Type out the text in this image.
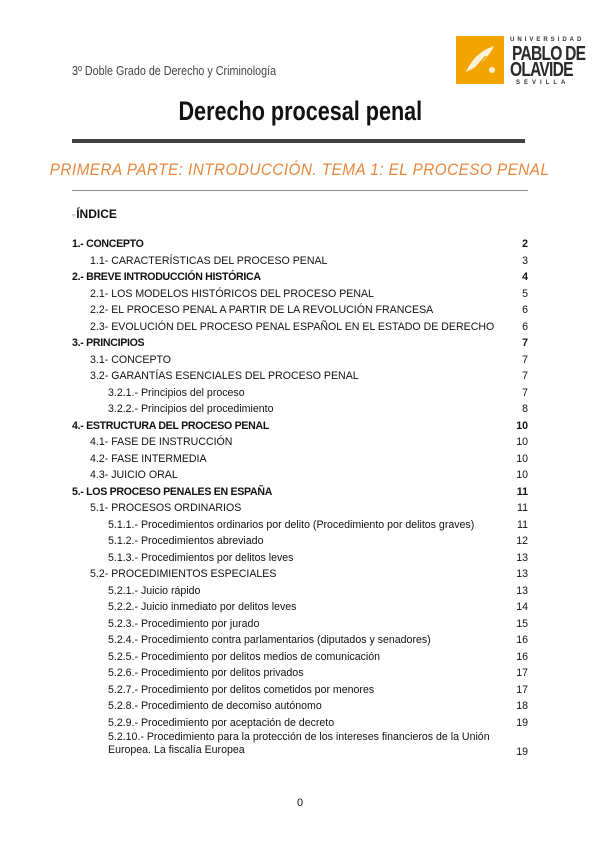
3º Doble Grado de Derecho y Criminología
UNIVERSIDAD
PABLO DE
OLAVIDE
SEVILLA
Derecho procesal penal
PRIMERA PARTE: INTRODUCCIÓN. TEMA 1: EL PROCESO PENAL
◦ÍNDICE
1.- CONCEPTO	2
1.1- CARACTERÍSTICAS DEL PROCESO PENAL	3
2.- BREVE INTRODUCCIÓN HISTÓRICA	4
2.1- LOS MODELOS HISTÓRICOS DEL PROCESO PENAL	5
2.2- EL PROCESO PENAL A PARTIR DE LA REVOLUCIÓN FRANCESA	6
2.3- EVOLUCIÓN DEL PROCESO PENAL ESPAÑOL EN EL ESTADO DE DERECHO	6
3.- PRINCIPIOS	7
3.1- CONCEPTO	7
3.2- GARANTÍAS ESENCIALES DEL PROCESO PENAL	7
3.2.1.- Principios del proceso	7
3.2.2.- Principios del procedimiento	8
4.- ESTRUCTURA DEL PROCESO PENAL	10
4.1- FASE DE INSTRUCCIÓN	10
4.2- FASE INTERMEDIA	10
4.3- JUICIO ORAL	10
5.- LOS PROCESO PENALES EN ESPAÑA	11
5.1- PROCESOS ORDINARIOS	11
5.1.1.- Procedimientos ordinarios por delito (Procedimiento por delitos graves)	11
5.1.2.- Procedimientos abreviado	12
5.1.3.- Procedimientos por delitos leves	13
5.2- PROCEDIMIENTOS ESPECIALES	13
5.2.1.- Juicio rápido	13
5.2.2.- Juicio inmediato por delitos leves	14
5.2.3.- Procedimiento por jurado	15
5.2.4.- Procedimiento contra parlamentarios (diputados y senadores)	16
5.2.5.- Procedimiento por delitos medios de comunicación	16
5.2.6.- Procedimiento por delitos privados	17
5.2.7.- Procedimiento por delitos cometidos por menores	17
5.2.8.- Procedimiento de decomiso autónomo	18
5.2.9.- Procedimiento por aceptación de decreto	19
5.2.10.- Procedimiento para la protección de los intereses financieros de la Unión Europea. La fiscalía Europea	19
0
